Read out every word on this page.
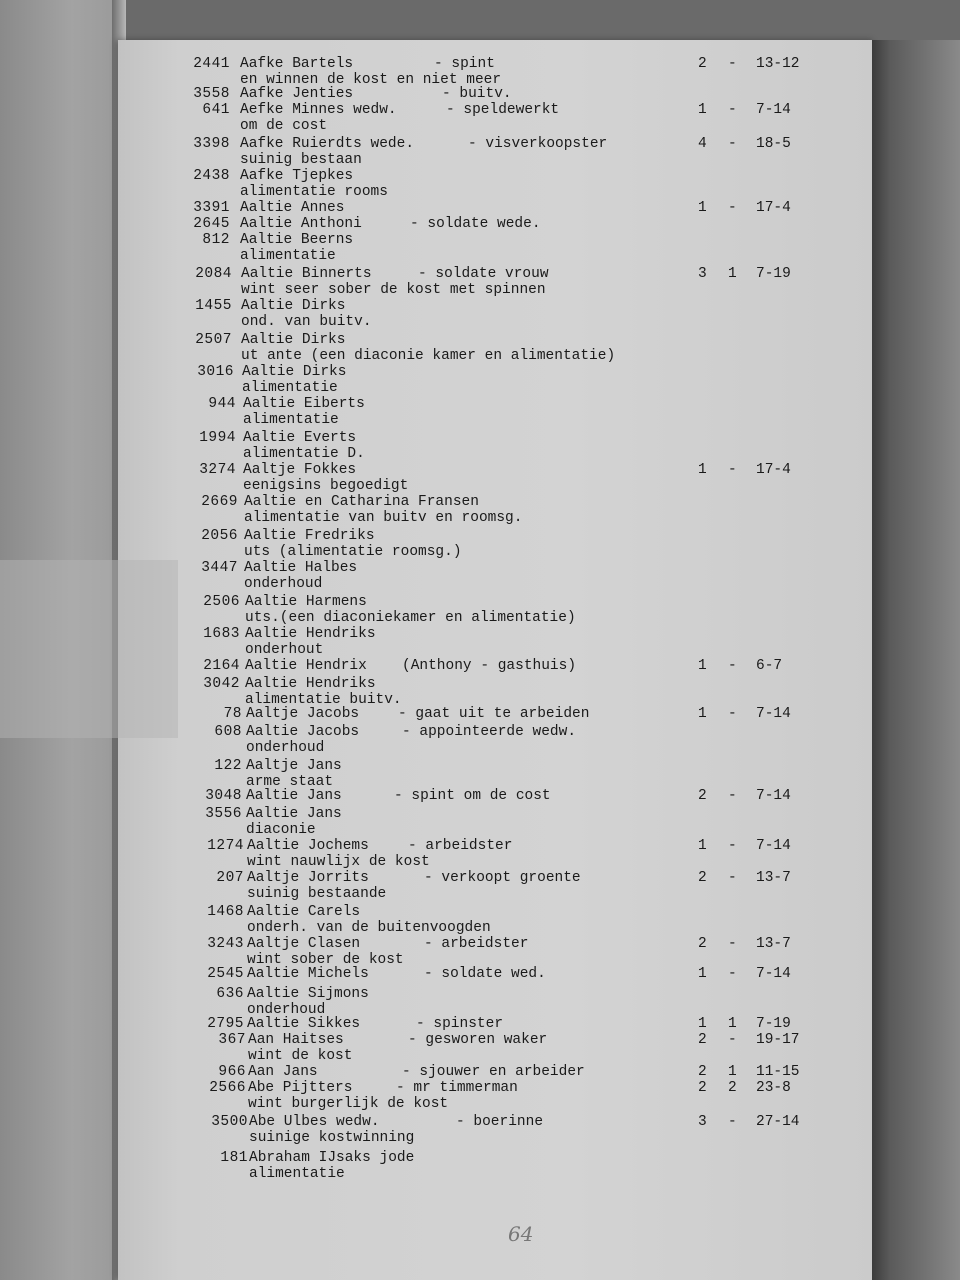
2441 Aafke Bartels	- spint
en winnen de kost en niet meer
2 - 13-12
3558 Aafke Jenties	- buitv.
641 Aefke Minnes wedw.	- speldewerkt
om de cost
1 - 7-14
3398 Aafke Ruierdts wede.	- visverkoopster
suinig bestaan
4 - 18-5
2438 Aafke Tjepkes
alimentatie rooms
3391 Aaltie Annes	1 - 17-4
2645 Aaltie Anthoni	- soldate wede.
812 Aaltie Beerns
alimentatie
2084 Aaltie Binnerts	- soldate vrouw
wint seer sober de kost met spinnen
3 1 7-19
1455 Aaltie Dirks
ond. van buitv.
2507 Aaltie Dirks
ut ante (een diaconie kamer en alimentatie)
3016 Aaltie Dirks
alimentatie
944 Aaltie Eiberts
alimentatie
1994 Aaltie Everts
alimentatie D.
3274 Aaltje Fokkes
eenigsins begoedigt
1 - 17-4
2669 Aaltie en Catharina Fransen
alimentatie van buitv en roomsg.
2056 Aaltie Fredriks
uts (alimentatie roomsg.)
3447 Aaltie Halbes
onderhoud
2506 Aaltie Harmens
uts.(een diaconiekamer en alimentatie)
1683 Aaltie Hendriks
onderhout
2164 Aaltie Hendrix (Anthony - gasthuis)	1 - 6-7
3042 Aaltie Hendriks
alimentatie buitv.
78 Aaltje Jacobs	- gaat uit te arbeiden	1 - 7-14
608 Aaltie Jacobs	- appointeerde wedw.
onderhoud
122 Aaltje Jans
arme staat
3048 Aaltie Jans	- spint om de cost	2 - 7-14
3556 Aaltie Jans
diaconie
1274 Aaltie Jochems	- arbeidster
wint nauwlijx de kost
1 - 7-14
207 Aaltje Jorrits	- verkoopt groente
suinig bestaande
2 - 13-7
1468 Aaltie Carels
onderh. van de buitenvoogden
3243 Aaltje Clasen	- arbeidster
wint sober de kost
2 - 13-7
2545 Aaltie Michels	- soldate wed.	1 - 7-14
636 Aaltie Sijmons
onderhoud
2795 Aaltie Sikkes	- spinster	1 1 7-19
367 Aan Haitses	- gesworen waker
wint de kost
2 - 19-17
966 Aan Jans	- sjouwer en arbeider	2 1 11-15
2566 Abe Pijtters	- mr timmerman
wint burgerlijk de kost
2 2 23-8
3500 Abe Ulbes wedw.	- boerinne
suinige kostwinning
3 - 27-14
181 Abraham IJsaks jode
alimentatie
64
